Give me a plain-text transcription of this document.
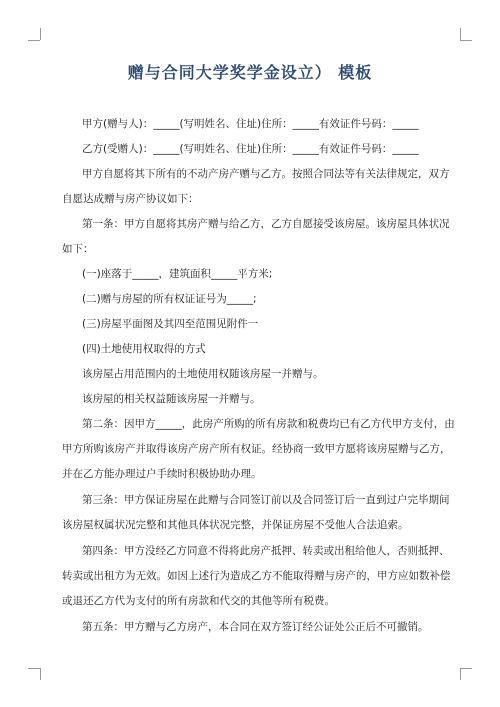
赠与合同大学奖学金设立） 模板
甲方(赠与人)：_____(写明姓名、住址)住所：_____有效证件号码：_____
乙方(受赠人)：_____(写明姓名、住址)住所：_____有效证件号码：_____
甲方自愿将其下所有的不动产房产赠与乙方。按照合同法等有关法律规定，双方
自愿达成赠与房产协议如下：
第一条：甲方自愿将其房产赠与给乙方，乙方自愿接受该房屋。该房屋具体状况
如下：
(一)座落于_____，建筑面积_____平方米;
(二)赠与房屋的所有权证证号为_____;
(三)房屋平面图及其四至范围见附件一
(四)土地使用权取得的方式
该房屋占用范围内的土地使用权随该房屋一并赠与。
该房屋的相关权益随该房屋一并赠与。
第二条：因甲方_____，此房产所购的所有房款和税费均已有乙方代甲方支付，由
甲方所购该房产并取得该房产房产所有权证。经协商一致甲方愿将该房屋赠与乙方，
并在乙方能办理过户手续时积极协助办理。
第三条：甲方保证房屋在此赠与合同签订前以及合同签订后一直到过户完毕期间
该房屋权属状况完整和其他具体状况完整，并保证房屋不受他人合法追索。
第四条：甲方没经乙方同意不得将此房产抵押、转卖或出租给他人，否则抵押、
转卖或出租方为无效。如因上述行为造成乙方不能取得赠与房产的，甲方应如数补偿
或退还乙方代为支付的所有房款和代交的其他等所有税费。
第五条：甲方赠与乙方房产，本合同在双方签订经公证处公正后不可撤销。
